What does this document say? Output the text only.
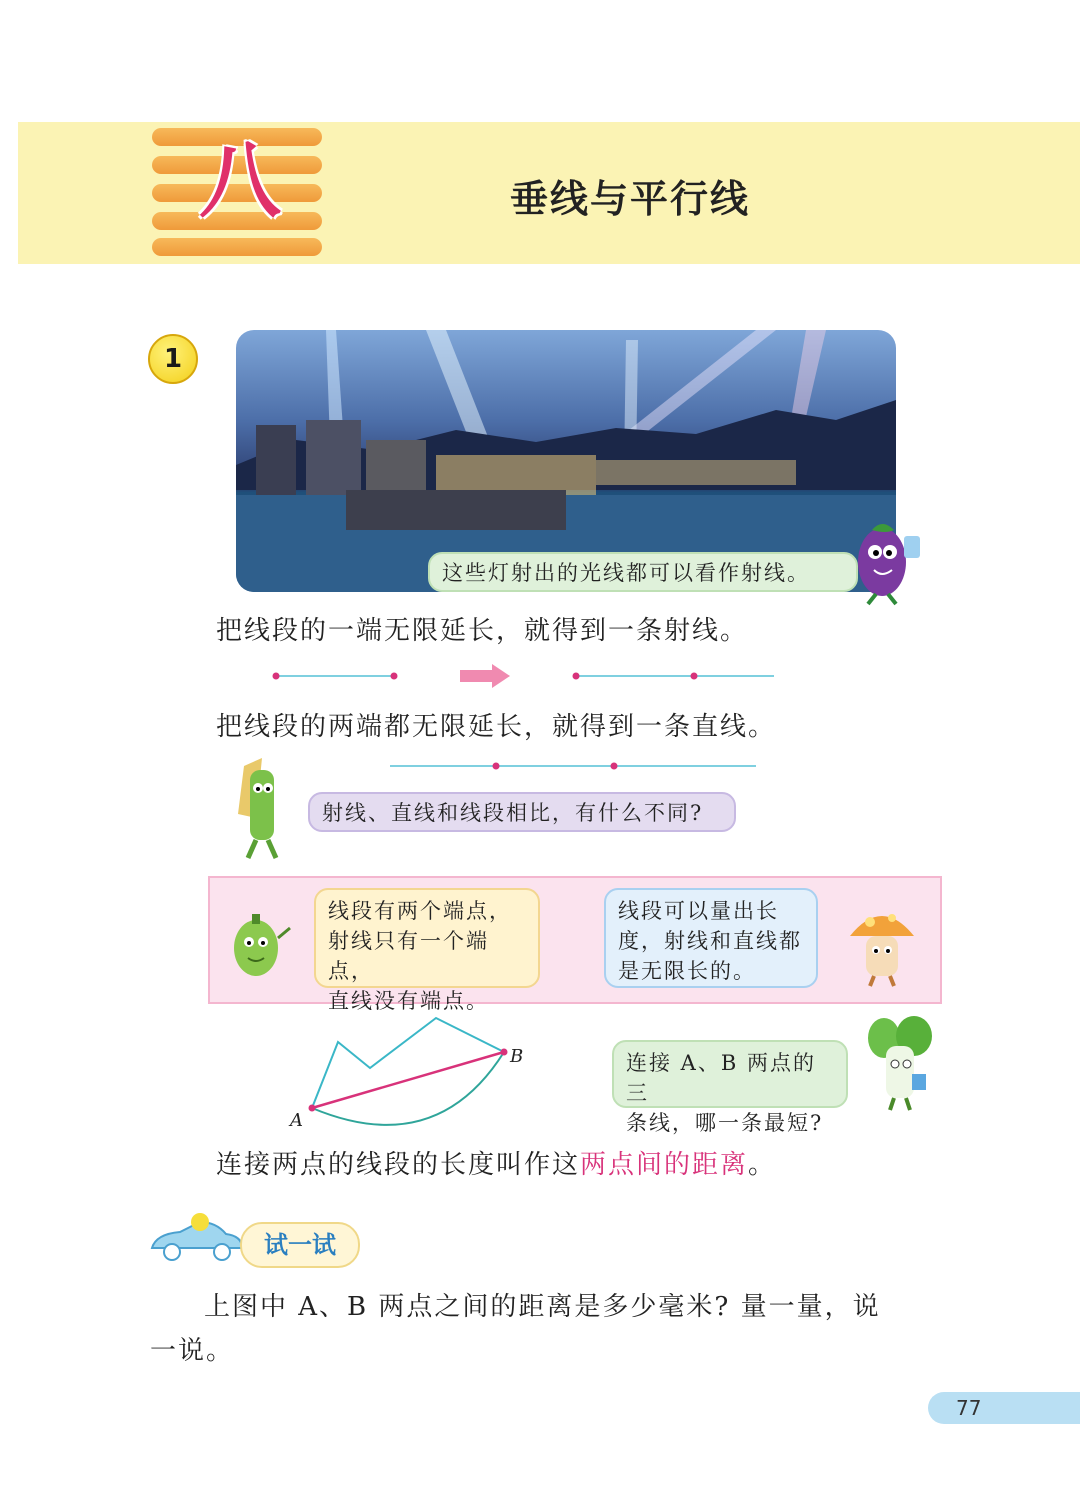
八	垂线与平行线
1
这些灯射出的光线都可以看作射线。
把线段的一端无限延长，就得到一条射线。
把线段的两端都无限延长，就得到一条直线。
射线、直线和线段相比，有什么不同?
线段有两个端点，
射线只有一个端点，
直线没有端点。
线段可以量出长
度，射线和直线都
是无限长的。
A
B	连接 A、B 两点的三
条线，哪一条最短?
连接两点的线段的长度叫作这两点间的距离。
试一试
上图中 A、B 两点之间的距离是多少毫米? 量一量，说
一说。
77
